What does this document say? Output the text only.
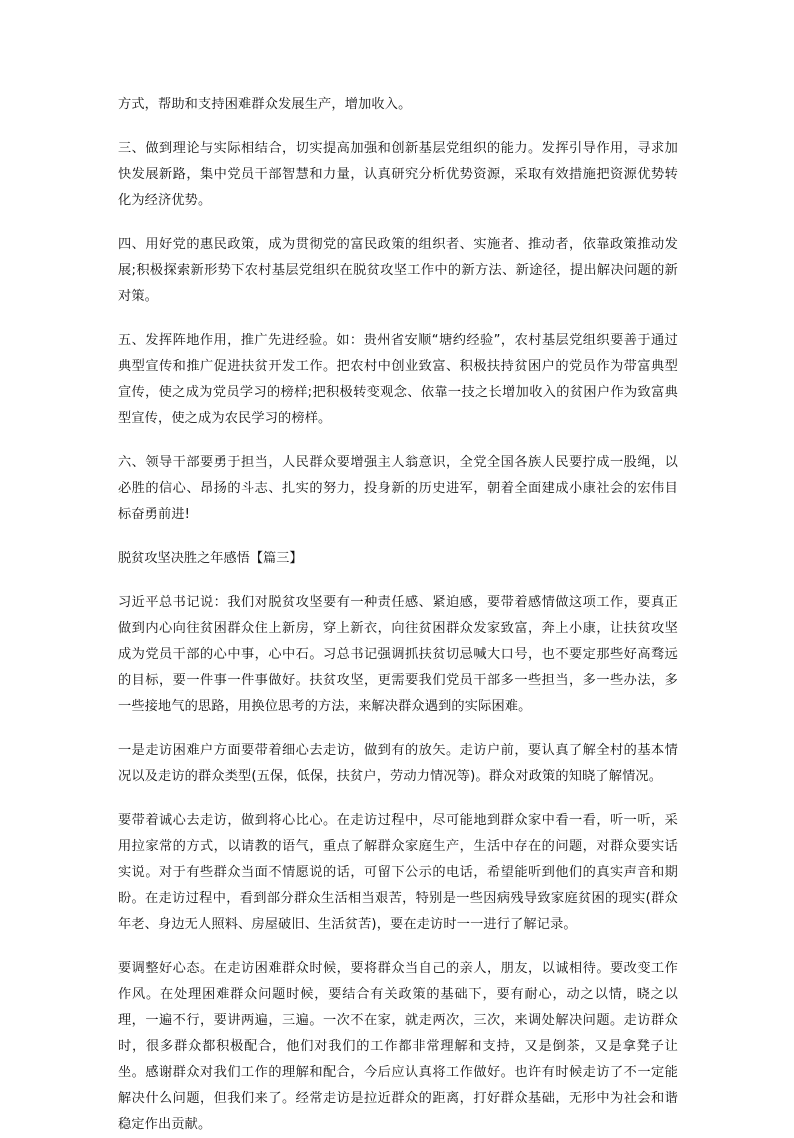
方式，帮助和支持困难群众发展生产，增加收入。

三、做到理论与实际相结合，切实提高加强和创新基层党组织的能力。发挥引导作用，寻求加快发展新路，集中党员干部智慧和力量，认真研究分析优势资源，采取有效措施把资源优势转化为经济优势。

四、用好党的惠民政策，成为贯彻党的富民政策的组织者、实施者、推动者，依靠政策推动发展;积极探索新形势下农村基层党组织在脱贫攻坚工作中的新方法、新途径，提出解决问题的新对策。

五、发挥阵地作用，推广先进经验。如：贵州省安顺“塘约经验”，农村基层党组织要善于通过典型宣传和推广促进扶贫开发工作。把农村中创业致富、积极扶持贫困户的党员作为带富典型宣传，使之成为党员学习的榜样;把积极转变观念、依靠一技之长增加收入的贫困户作为致富典型宣传，使之成为农民学习的榜样。

六、领导干部要勇于担当，人民群众要增强主人翁意识，全党全国各族人民要拧成一股绳，以必胜的信心、昂扬的斗志、扎实的努力，投身新的历史进军，朝着全面建成小康社会的宏伟目标奋勇前进!

脱贫攻坚决胜之年感悟【篇三】

习近平总书记说：我们对脱贫攻坚要有一种责任感、紧迫感，要带着感情做这项工作，要真正做到内心向往贫困群众住上新房，穿上新衣，向往贫困群众发家致富，奔上小康，让扶贫攻坚成为党员干部的心中事，心中石。习总书记强调抓扶贫切忌喊大口号，也不要定那些好高骛远的目标，要一件事一件事做好。扶贫攻坚，更需要我们党员干部多一些担当，多一些办法，多一些接地气的思路，用换位思考的方法，来解决群众遇到的实际困难。

一是走访困难户方面要带着细心去走访，做到有的放矢。走访户前，要认真了解全村的基本情况以及走访的群众类型(五保，低保，扶贫户，劳动力情况等)。群众对政策的知晓了解情况。

要带着诚心去走访，做到将心比心。在走访过程中，尽可能地到群众家中看一看，听一听，采用拉家常的方式，以请教的语气，重点了解群众家庭生产，生活中存在的问题，对群众要实话实说。对于有些群众当面不情愿说的话，可留下公示的电话，希望能听到他们的真实声音和期盼。在走访过程中，看到部分群众生活相当艰苦，特别是一些因病残导致家庭贫困的现实(群众年老、身边无人照料、房屋破旧、生活贫苦)，要在走访时一一进行了解记录。

要调整好心态。在走访困难群众时候，要将群众当自己的亲人，朋友，以诚相待。要改变工作作风。在处理困难群众问题时候，要结合有关政策的基础下，要有耐心，动之以情，晓之以理，一遍不行，要讲两遍，三遍。一次不在家，就走两次，三次，来调处解决问题。走访群众时，很多群众都积极配合，他们对我们的工作都非常理解和支持，又是倒茶，又是拿凳子让坐。感谢群众对我们工作的理解和配合，今后应认真将工作做好。也许有时候走访了不一定能解决什么问题，但我们来了。经常走访是拉近群众的距离，打好群众基础，无形中为社会和谐稳定作出贡献。
